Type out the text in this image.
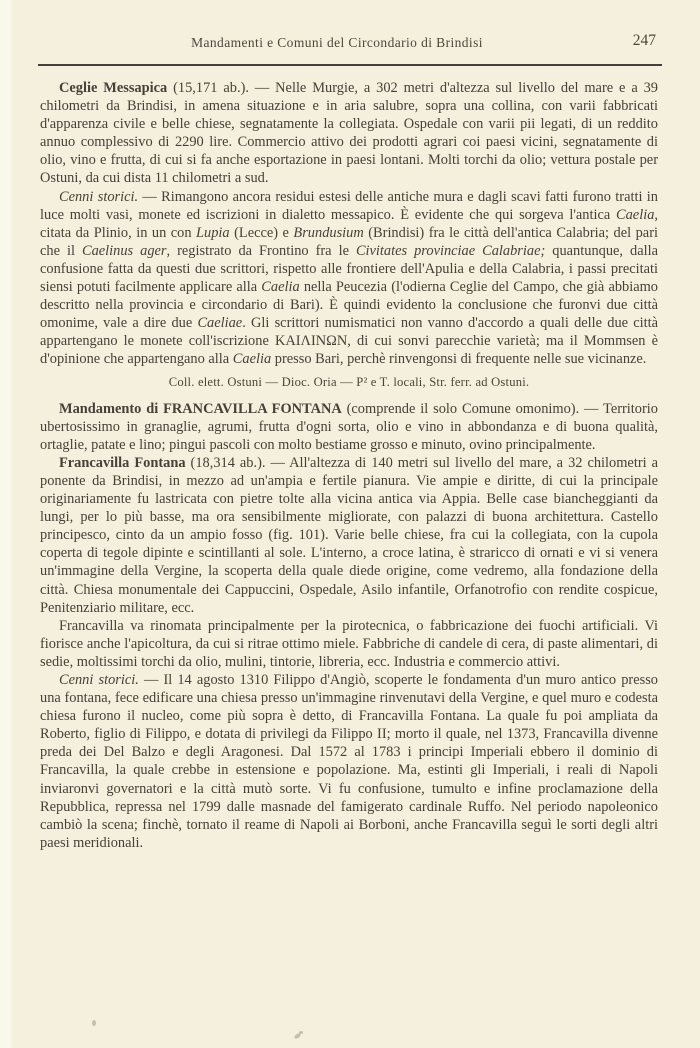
Mandamenti e Comuni del Circondario di Brindisi	247

Ceglie Messapica (15,171 ab.). — Nelle Murgie, a 302 metri d'altezza sul livello del mare e a 39 chilometri da Brindisi, in amena situazione e in aria salubre, sopra una collina, con varii fabbricati d'apparenza civile e belle chiese, segnatamente la collegiata. Ospedale con varii pii legati, di un reddito annuo complessivo di 2290 lire. Commercio attivo dei prodotti agrari coi paesi vicini, segnatamente di olio, vino e frutta, di cui si fa anche esportazione in paesi lontani. Molti torchi da olio; vettura postale per Ostuni, da cui dista 11 chilometri a sud.

Cenni storici. — Rimangono ancora residui estesi delle antiche mura e dagli scavi fatti furono tratti in luce molti vasi, monete ed iscrizioni in dialetto messapico. È evidente che qui sorgeva l'antica Caelia, citata da Plinio, in un con Lupia (Lecce) e Brundusium (Brindisi) fra le città dell'antica Calabria; del pari che il Caelinus ager, registrato da Frontino fra le Civitates provinciae Calabriae; quantunque, dalla confusione fatta da questi due scrittori, rispetto alle frontiere dell'Apulia e della Calabria, i passi precitati siensi potuti facilmente applicare alla Caelia nella Peucezia (l'odierna Ceglie del Campo, che già abbiamo descritto nella provincia e circondario di Bari). È quindi evidento la conclusione che furonvi due città omonime, vale a dire due Caeliae. Gli scrittori numismatici non vanno d'accordo a quali delle due città appartengano le monete coll'iscrizione ΚΑΙΛΙΝΩΝ, di cui sonvi parecchie varietà; ma il Mommsen è d'opinione che appartengano alla Caelia presso Bari, perchè rinvengonsi di frequente nelle sue vicinanze.

Coll. elett. Ostuni — Dioc. Oria — P² e T. locali, Str. ferr. ad Ostuni.

Mandamento di FRANCAVILLA FONTANA (comprende il solo Comune omonimo). — Territorio ubertosissimo in granaglie, agrumi, frutta d'ogni sorta, olio e vino in abbondanza e di buona qualità, ortaglie, patate e lino; pingui pascoli con molto bestiame grosso e minuto, ovino principalmente.

Francavilla Fontana (18,314 ab.). — All'altezza di 140 metri sul livello del mare, a 32 chilometri a ponente da Brindisi, in mezzo ad un'ampia e fertile pianura. Vie ampie e diritte, di cui la principale originariamente fu lastricata con pietre tolte alla vicina antica via Appia. Belle case biancheggianti da lungi, per lo più basse, ma ora sensibilmente migliorate, con palazzi di buona architettura. Castello principesco, cinto da un ampio fosso (fig. 101). Varie belle chiese, fra cui la collegiata, con la cupola coperta di tegole dipinte e scintillanti al sole. L'interno, a croce latina, è straricco di ornati e vi si venera un'immagine della Vergine, la scoperta della quale diede origine, come vedremo, alla fondazione della città. Chiesa monumentale dei Cappuccini, Ospedale, Asilo infantile, Orfanotrofio con rendite cospicue, Penitenziario militare, ecc.

Francavilla va rinomata principalmente per la pirotecnica, o fabbricazione dei fuochi artificiali. Vi fiorisce anche l'apicoltura, da cui si ritrae ottimo miele. Fabbriche di candele di cera, di paste alimentari, di sedie, moltissimi torchi da olio, mulini, tintorie, libreria, ecc. Industria e commercio attivi.

Cenni storici. — Il 14 agosto 1310 Filippo d'Angiò, scoperte le fondamenta d'un muro antico presso una fontana, fece edificare una chiesa presso un'immagine rinvenutavi della Vergine, e quel muro e codesta chiesa furono il nucleo, come più sopra è detto, di Francavilla Fontana. La quale fu poi ampliata da Roberto, figlio di Filippo, e dotata di privilegi da Filippo II; morto il quale, nel 1373, Francavilla divenne preda dei Del Balzo e degli Aragonesi. Dal 1572 al 1783 i principi Imperiali ebbero il dominio di Francavilla, la quale crebbe in estensione e popolazione. Ma, estinti gli Imperiali, i reali di Napoli inviaronvi governatori e la città mutò sorte. Vi fu confusione, tumulto e infine proclamazione della Repubblica, repressa nel 1799 dalle masnade del famigerato cardinale Ruffo. Nel periodo napoleonico cambiò la scena; finchè, tornato il reame di Napoli ai Borboni, anche Francavilla seguì le sorti degli altri paesi meridionali.
